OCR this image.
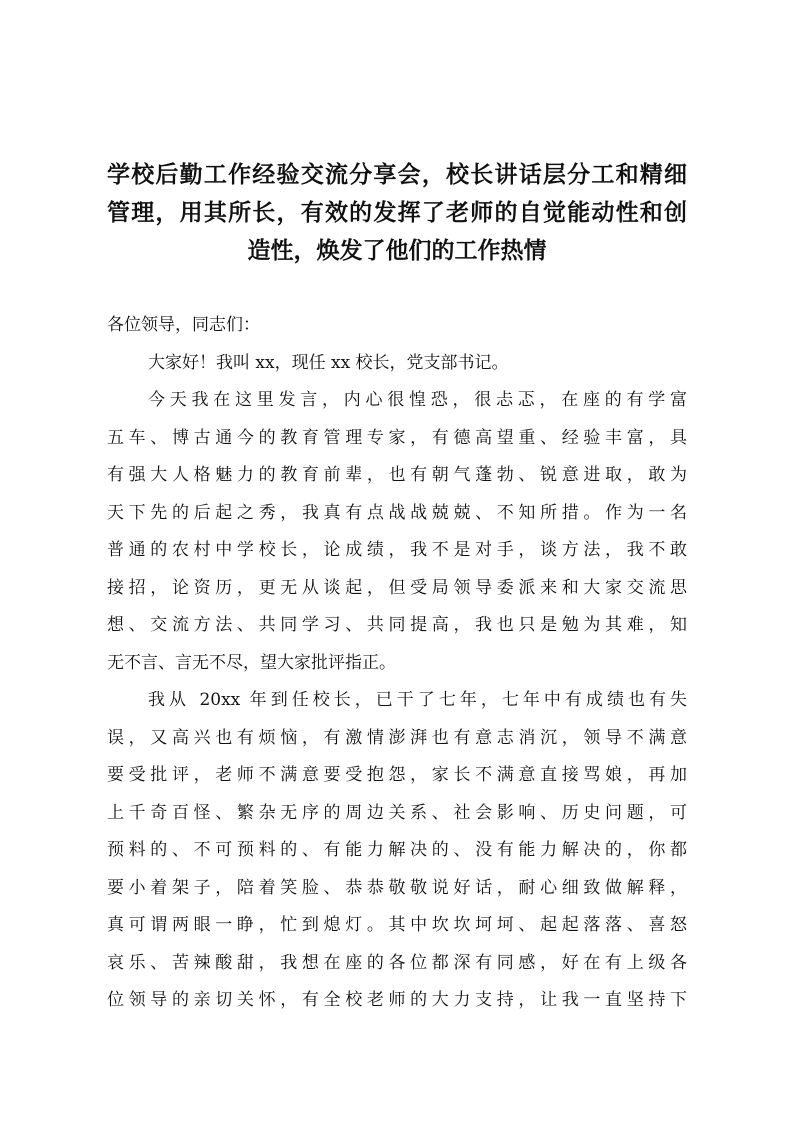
学校后勤工作经验交流分享会，校长讲话层分工和精细
管理，用其所长，有效的发挥了老师的自觉能动性和创
造性，焕发了他们的工作热情
各位领导，同志们：
大家好！我叫 xx，现任 xx 校长，党支部书记。
今天我在这里发言，内心很惶恐，很忐忑，在座的有学富
五车、博古通今的教育管理专家，有德高望重、经验丰富，具
有强大人格魅力的教育前辈，也有朝气蓬勃、锐意进取，敢为
天下先的后起之秀，我真有点战战兢兢、不知所措。作为一名
普通的农村中学校长，论成绩，我不是对手，谈方法，我不敢
接招，论资历，更无从谈起，但受局领导委派来和大家交流思
想、交流方法、共同学习、共同提高，我也只是勉为其难，知
无不言、言无不尽，望大家批评指正。
我从 20xx 年到任校长，已干了七年，七年中有成绩也有失
误，又高兴也有烦恼，有激情澎湃也有意志消沉，领导不满意
要受批评，老师不满意要受抱怨，家长不满意直接骂娘，再加
上千奇百怪、繁杂无序的周边关系、社会影响、历史问题，可
预料的、不可预料的、有能力解决的、没有能力解决的，你都
要小着架子，陪着笑脸、恭恭敬敬说好话，耐心细致做解释，
真可谓两眼一睁，忙到熄灯。其中坎坎坷坷、起起落落、喜怒
哀乐、苦辣酸甜，我想在座的各位都深有同感，好在有上级各
位领导的亲切关怀，有全校老师的大力支持，让我一直坚持下
